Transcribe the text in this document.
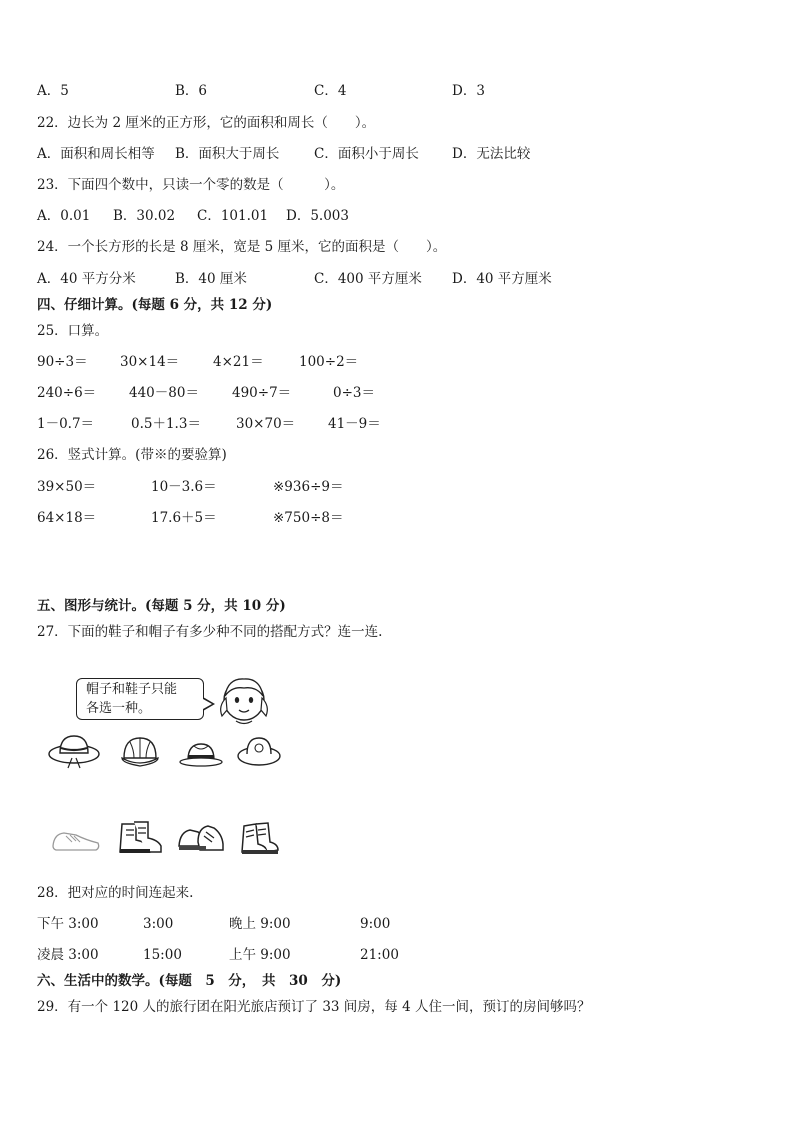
A．5	B．6	C．4	D．3
22．边长为 2 厘米的正方形，它的面积和周长（　　）。
A．面积和周长相等 B．面积大于周长	C．面积小于周长 D．无法比较
23．下面四个数中，只读一个零的数是（　　　）。
A．0.01 B．30.02 C．101.01 D．5.003
24．一个长方形的长是 8 厘米，宽是 5 厘米，它的面积是（　　）。
A．40 平方分米	B．40 厘米	C．400 平方厘米 D．40 平方厘米
四、仔细计算。(每题 6 分，共 12 分)
25．口算。
90÷3＝ 30×14＝	4×21＝	100÷2＝
240÷6＝ 440－80＝ 490÷7＝	0÷3＝
1－0.7＝	0.5＋1.3＝	30×70＝ 41－9＝
26．竖式计算。(带※的要验算)
39×50＝	10－3.6＝	※936÷9＝
64×18＝	17.6＋5＝	※750÷8＝
五、图形与统计。(每题 5 分，共 10 分)
27．下面的鞋子和帽子有多少种不同的搭配方式？连一连.
帽子和鞋子只能
各选一种。
28．把对应的时间连起来.
下午 3:00	3:00	晚上 9:00	9:00
凌晨 3:00	15:00	上午 9:00	21:00
六、生活中的数学。(每题　5　分，　共　30　分)
29．有一个 120 人的旅行团在阳光旅店预订了 33 间房，每 4 人住一间，预订的房间够吗？
